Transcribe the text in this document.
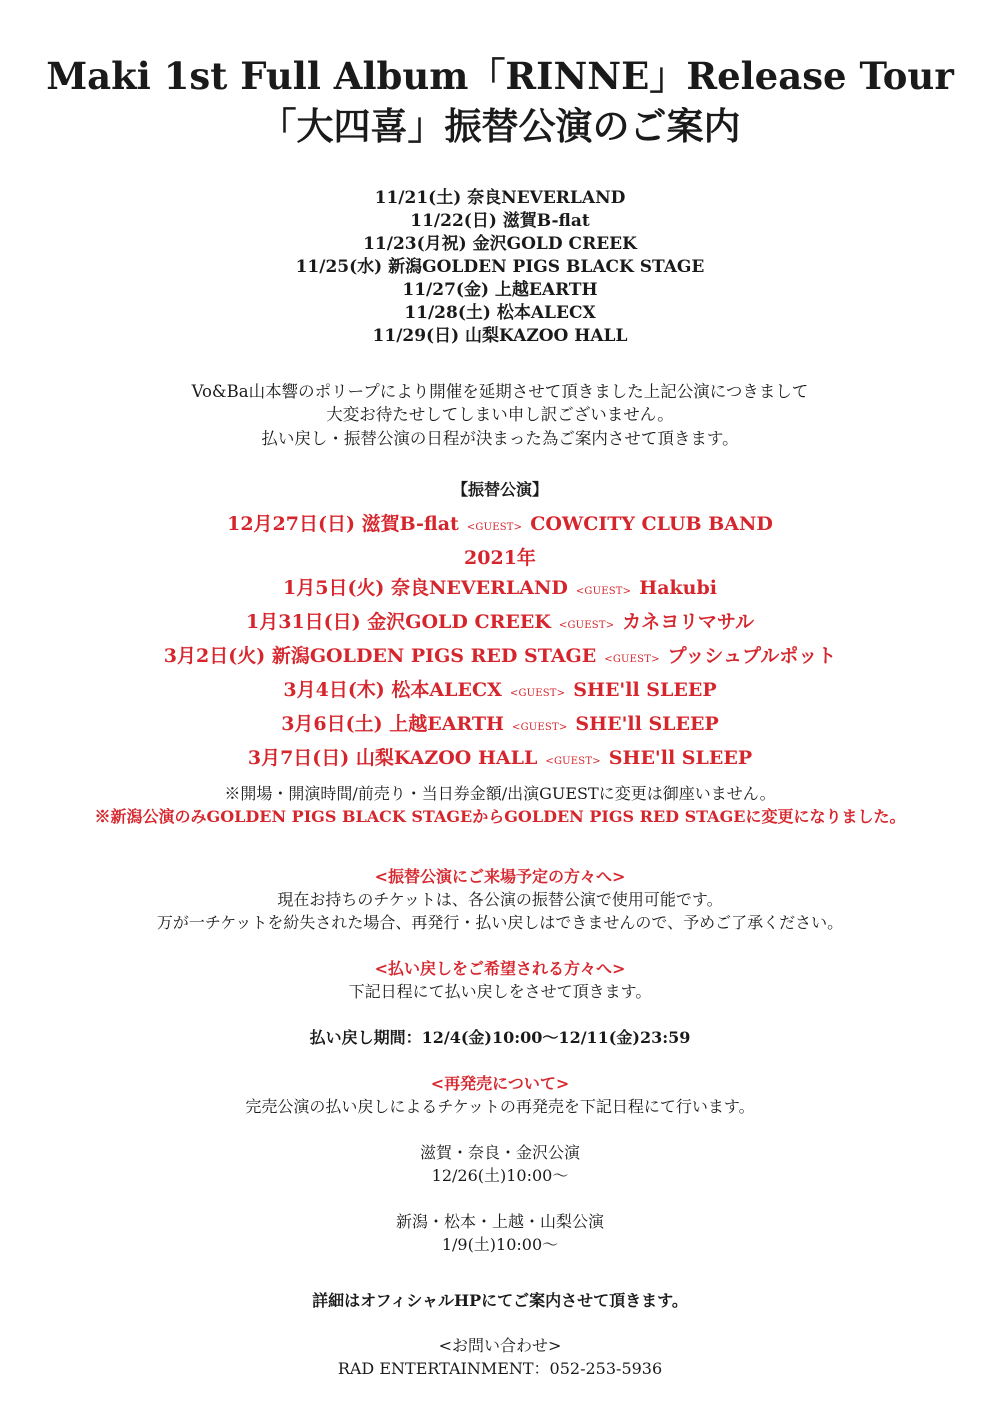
Maki 1st Full Album「RINNE」Release Tour
「大四喜」振替公演のご案内
11/21(土) 奈良NEVERLAND
11/22(日) 滋賀B-flat
11/23(月祝) 金沢GOLD CREEK
11/25(水) 新潟GOLDEN PIGS BLACK STAGE
11/27(金) 上越EARTH
11/28(土) 松本ALECX
11/29(日) 山梨KAZOO HALL
Vo&Ba山本響のポリープにより開催を延期させて頂きました上記公演につきまして
大変お待たせしてしまい申し訳ございません。
払い戻し・振替公演の日程が決まった為ご案内させて頂きます。
【振替公演】
12月27日(日) 滋賀B-flat <GUEST> COWCITY CLUB BAND
2021年
1月5日(火) 奈良NEVERLAND <GUEST> Hakubi
1月31日(日) 金沢GOLD CREEK <GUEST> カネヨリマサル
3月2日(火) 新潟GOLDEN PIGS RED STAGE <GUEST> プッシュプルポット
3月4日(木) 松本ALECX <GUEST> SHE'll SLEEP
3月6日(土) 上越EARTH <GUEST> SHE'll SLEEP
3月7日(日) 山梨KAZOO HALL <GUEST> SHE'll SLEEP
※開場・開演時間/前売り・当日券金額/出演GUESTに変更は御座いません。
※新潟公演のみGOLDEN PIGS BLACK STAGEからGOLDEN PIGS RED STAGEに変更になりました。
<振替公演にご来場予定の方々へ>
現在お持ちのチケットは、各公演の振替公演で使用可能です。
万が一チケットを紛失された場合、再発行・払い戻しはできませんので、予めご了承ください。
<払い戻しをご希望される方々へ>
下記日程にて払い戻しをさせて頂きます。
払い戻し期間：12/4(金)10:00〜12/11(金)23:59
<再発売について>
完売公演の払い戻しによるチケットの再発売を下記日程にて行います。
滋賀・奈良・金沢公演
12/26(土)10:00〜
新潟・松本・上越・山梨公演
1/9(土)10:00〜
詳細はオフィシャルHPにてご案内させて頂きます。
<お問い合わせ>
RAD ENTERTAINMENT：052-253-5936
